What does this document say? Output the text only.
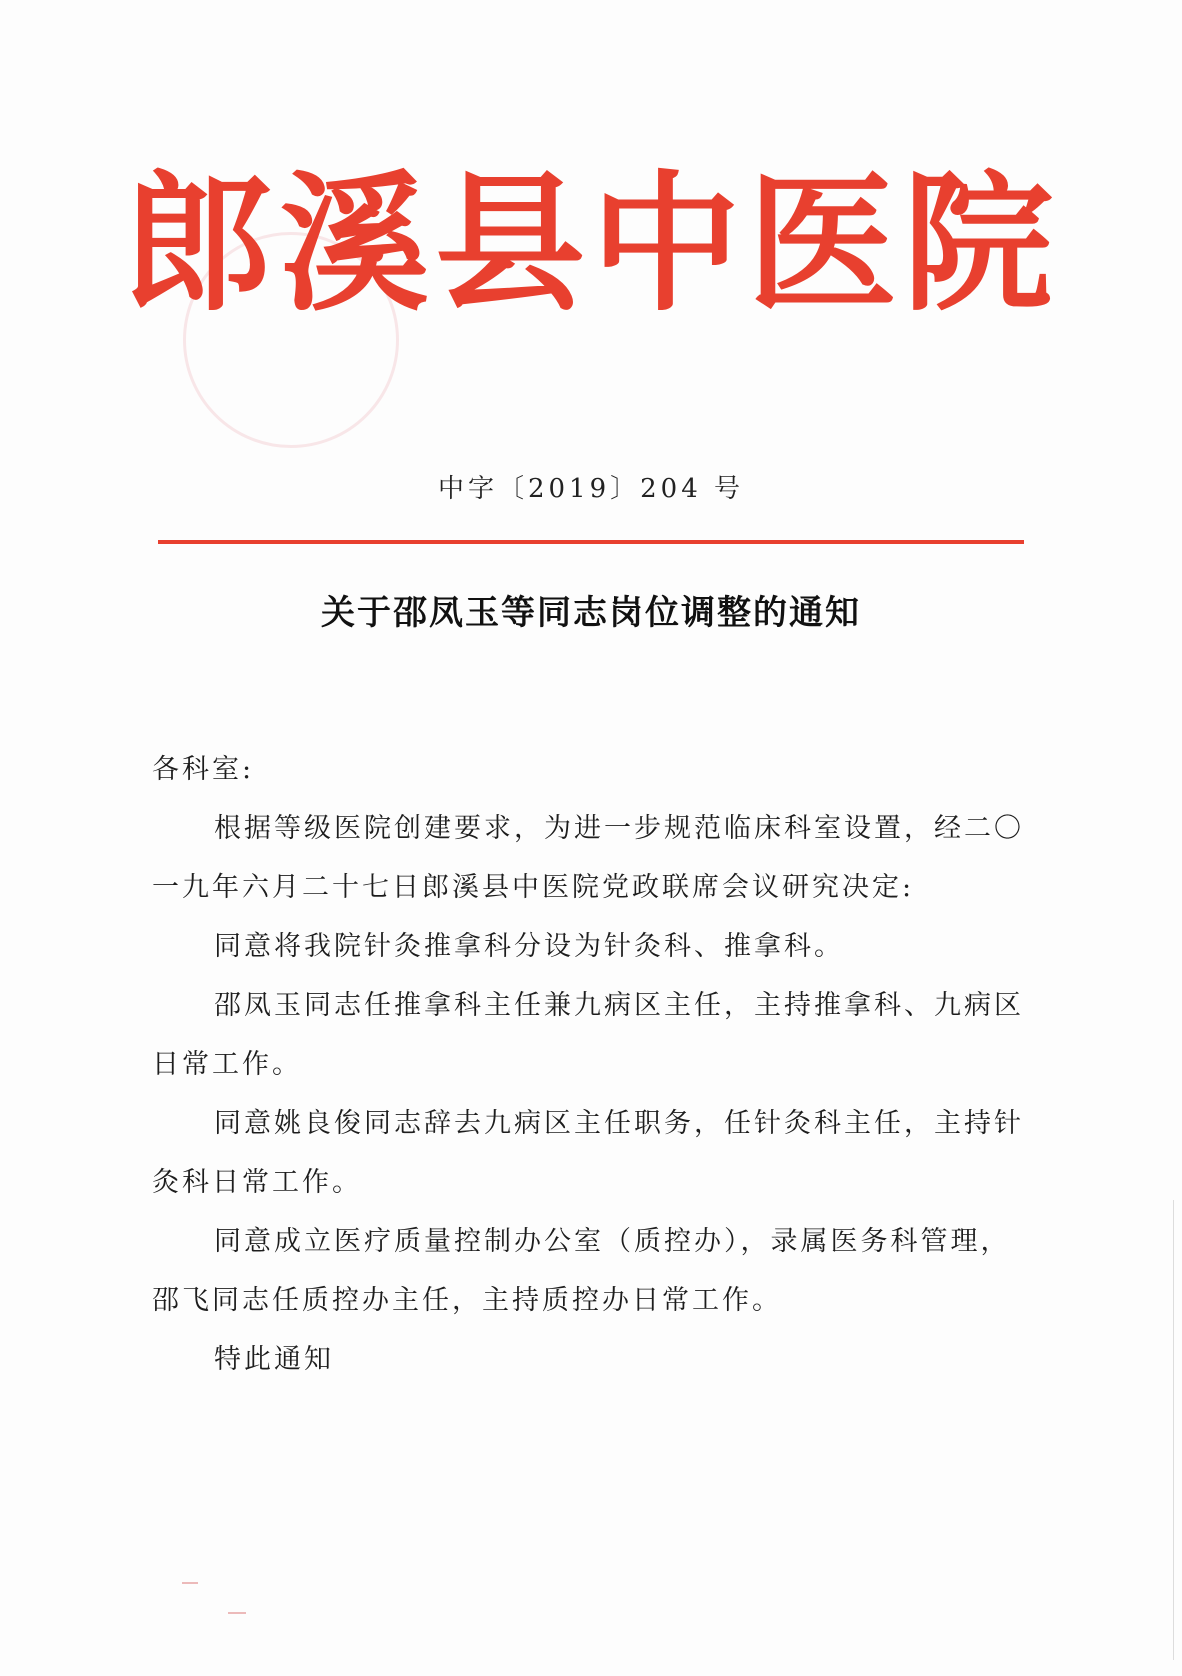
郎溪县中医院
中字〔2019〕204 号
关于邵凤玉等同志岗位调整的通知

各科室:

根据等级医院创建要求，为进一步规范临床科室设置，经二〇一九年六月二十七日郎溪县中医院党政联席会议研究决定:

同意将我院针灸推拿科分设为针灸科、推拿科。

邵凤玉同志任推拿科主任兼九病区主任，主持推拿科、九病区日常工作。

同意姚良俊同志辞去九病区主任职务，任针灸科主任，主持针灸科日常工作。

同意成立医疗质量控制办公室（质控办），录属医务科管理，邵飞同志任质控办主任，主持质控办日常工作。

特此通知
